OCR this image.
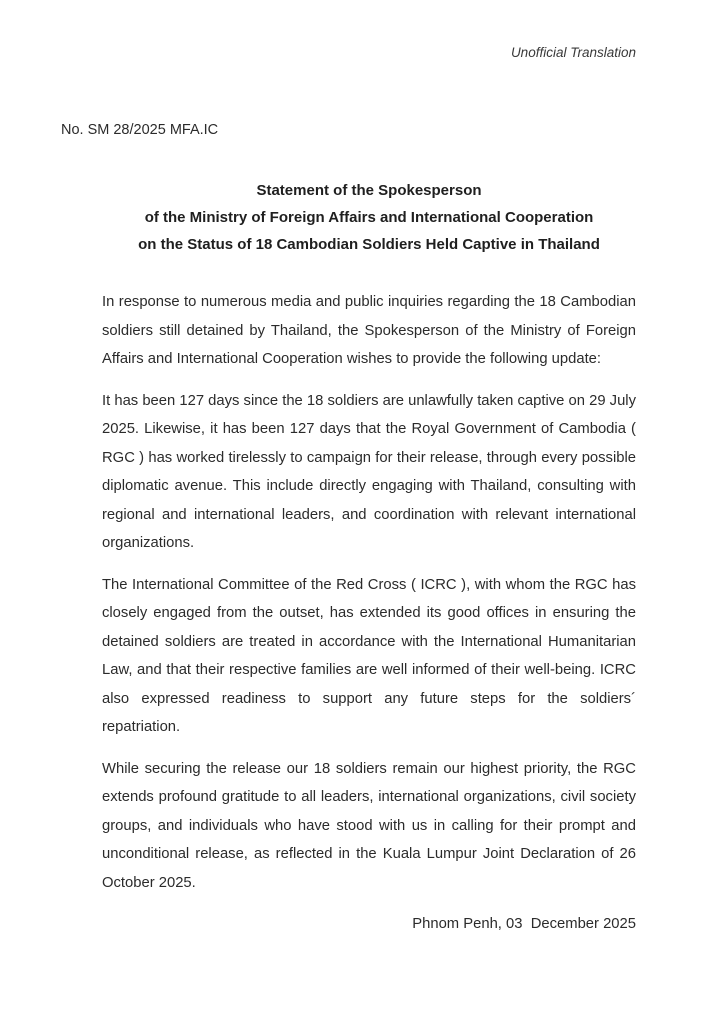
Unofficial Translation
No. SM 28/2025 MFA.IC
Statement of the Spokesperson
of the Ministry of Foreign Affairs and International Cooperation
on the Status of 18 Cambodian Soldiers Held Captive in Thailand

In response to numerous media and public inquiries regarding the 18 Cambodian soldiers still detained by Thailand, the Spokesperson of the Ministry of Foreign Affairs and International Cooperation wishes to provide the following update:

It has been 127 days since the 18 soldiers are unlawfully taken captive on 29 July 2025. Likewise, it has been 127 days that the Royal Government of Cambodia ( RGC ) has worked tirelessly to campaign for their release, through every possible diplomatic avenue. This include directly engaging with Thailand, consulting with regional and international leaders, and coordination with relevant international organizations.

The International Committee of the Red Cross ( ICRC ), with whom the RGC has closely engaged from the outset, has extended its good offices in ensuring the detained soldiers are treated in accordance with the International Humanitarian Law, and that their respective families are well informed of their well-being. ICRC also expressed readiness to support any future steps for the soldiers´ repatriation.

While securing the release our 18 soldiers remain our highest priority, the RGC extends profound gratitude to all leaders, international organizations, civil society groups, and individuals who have stood with us in calling for their prompt and unconditional release, as reflected in the Kuala Lumpur Joint Declaration of 26 October 2025.

Phnom Penh, 03  December 2025
